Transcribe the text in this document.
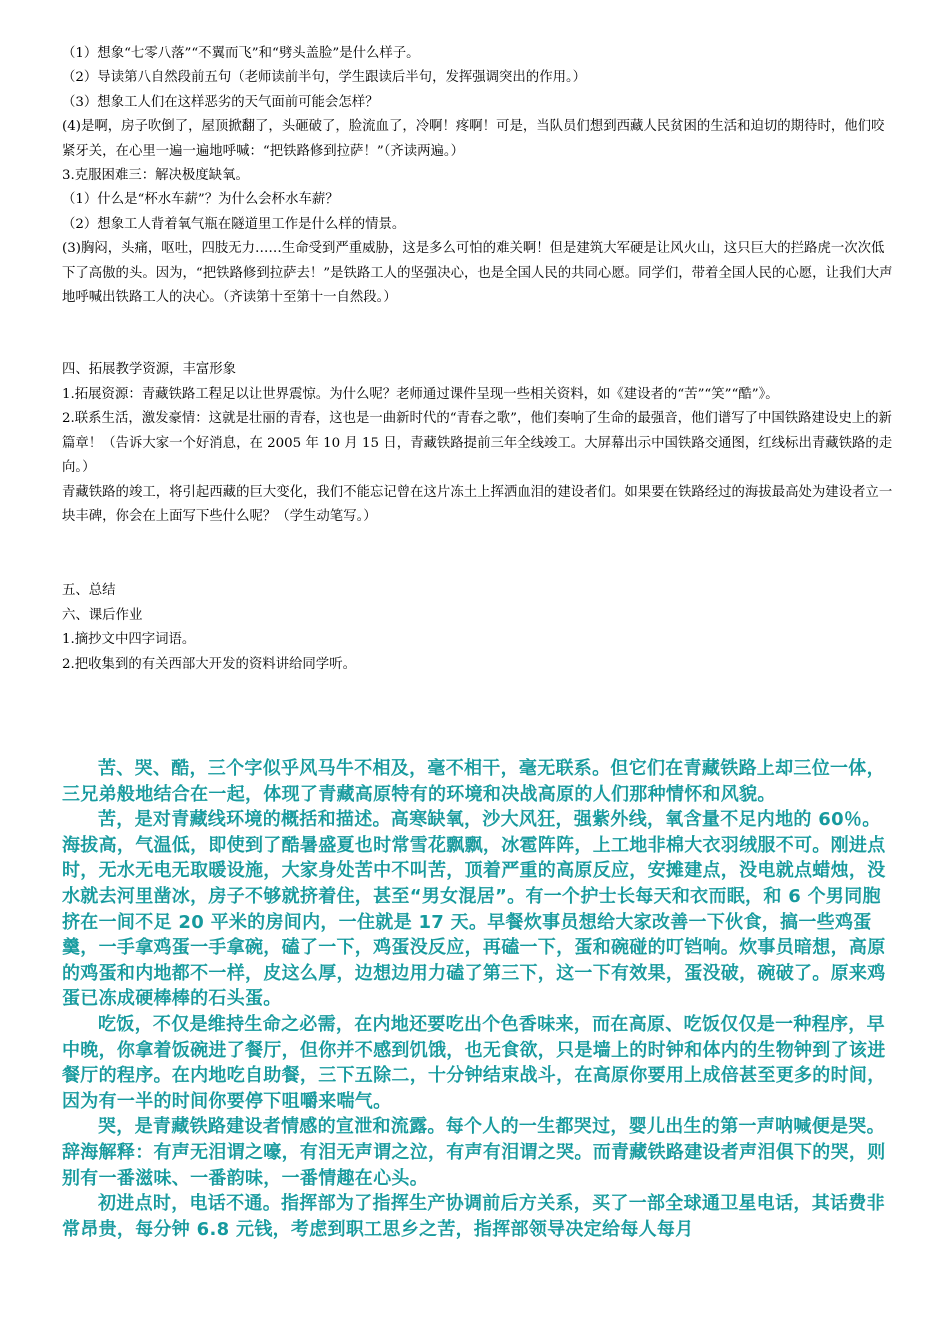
（1）想象“七零八落”“不翼而飞”和“劈头盖脸”是什么样子。

（2）导读第八自然段前五句（老师读前半句，学生跟读后半句，发挥强调突出的作用。）

（3）想象工人们在这样恶劣的天气面前可能会怎样？

(4)是啊，房子吹倒了，屋顶掀翻了，头砸破了，脸流血了，冷啊！疼啊！可是，当队员们想到西藏人民贫困的生活和迫切的期待时，他们咬紧牙关，在心里一遍一遍地呼喊：“把铁路修到拉萨！”（齐读两遍。）

3.克服困难三：解决极度缺氧。

（1）什么是“杯水车薪”？为什么会杯水车薪？

（2）想象工人背着氧气瓶在隧道里工作是什么样的情景。

(3)胸闷，头痛，呕吐，四肢无力……生命受到严重威胁，这是多么可怕的难关啊！但是建筑大军硬是让风火山，这只巨大的拦路虎一次次低下了高傲的头。因为，“把铁路修到拉萨去！”是铁路工人的坚强决心，也是全国人民的共同心愿。同学们，带着全国人民的心愿，让我们大声地呼喊出铁路工人的决心。（齐读第十至第十一自然段。）

四、拓展教学资源，丰富形象

1.拓展资源：青藏铁路工程足以让世界震惊。为什么呢？老师通过课件呈现一些相关资料，如《建设者的“苦”“笑”“酷”》。

2.联系生活，激发豪情：这就是壮丽的青春，这也是一曲新时代的“青春之歌”，他们奏响了生命的最强音，他们谱写了中国铁路建设史上的新篇章！（告诉大家一个好消息，在 2005 年 10 月 15 日，青藏铁路提前三年全线竣工。大屏幕出示中国铁路交通图，红线标出青藏铁路的走向。）

青藏铁路的竣工，将引起西藏的巨大变化，我们不能忘记曾在这片冻土上挥洒血泪的建设者们。如果要在铁路经过的海拔最高处为建设者立一块丰碑，你会在上面写下些什么呢？（学生动笔写。）

五、总结

六、课后作业

1.摘抄文中四字词语。

2.把收集到的有关西部大开发的资料讲给同学听。

苦、哭、酷，三个字似乎风马牛不相及，毫不相干，毫无联系。但它们在青藏铁路上却三位一体，三兄弟般地结合在一起，体现了青藏高原特有的环境和决战高原的人们那种情怀和风貌。

苦，是对青藏线环境的概括和描述。高寒缺氧，沙大风狂，强紫外线，氧含量不足内地的 60％。海拔高，气温低，即使到了酷暑盛夏也时常雪花飘飘，冰雹阵阵，上工地非棉大衣羽绒服不可。刚进点时，无水无电无取暖设施，大家身处苦中不叫苦，顶着严重的高原反应，安摊建点，没电就点蜡烛，没水就去河里凿冰，房子不够就挤着住，甚至“男女混居”。有一个护士长每天和衣而眠，和 6 个男同胞挤在一间不足 20 平米的房间内，一住就是 17 天。早餐炊事员想给大家改善一下伙食，搞一些鸡蛋羹，一手拿鸡蛋一手拿碗，磕了一下，鸡蛋没反应，再磕一下，蛋和碗碰的叮铛响。炊事员暗想，高原的鸡蛋和内地都不一样，皮这么厚，边想边用力磕了第三下，这一下有效果，蛋没破，碗破了。原来鸡蛋已冻成硬棒棒的石头蛋。

吃饭，不仅是维持生命之必需，在内地还要吃出个色香味来，而在高原、吃饭仅仅是一种程序，早中晚，你拿着饭碗进了餐厅，但你并不感到饥饿，也无食欲，只是墙上的时钟和体内的生物钟到了该进餐厅的程序。在内地吃自助餐，三下五除二，十分钟结束战斗，在高原你要用上成倍甚至更多的时间，因为有一半的时间你要停下咀嚼来喘气。

哭，是青藏铁路建设者情感的宣泄和流露。每个人的一生都哭过，婴儿出生的第一声呐喊便是哭。辞海解释：有声无泪谓之嚎，有泪无声谓之泣，有声有泪谓之哭。而青藏铁路建设者声泪俱下的哭，则别有一番滋味、一番韵味，一番情趣在心头。

初进点时，电话不通。指挥部为了指挥生产协调前后方关系，买了一部全球通卫星电话，其话费非常昂贵，每分钟 6.8 元钱，考虑到职工思乡之苦，指挥部领导决定给每人每月
